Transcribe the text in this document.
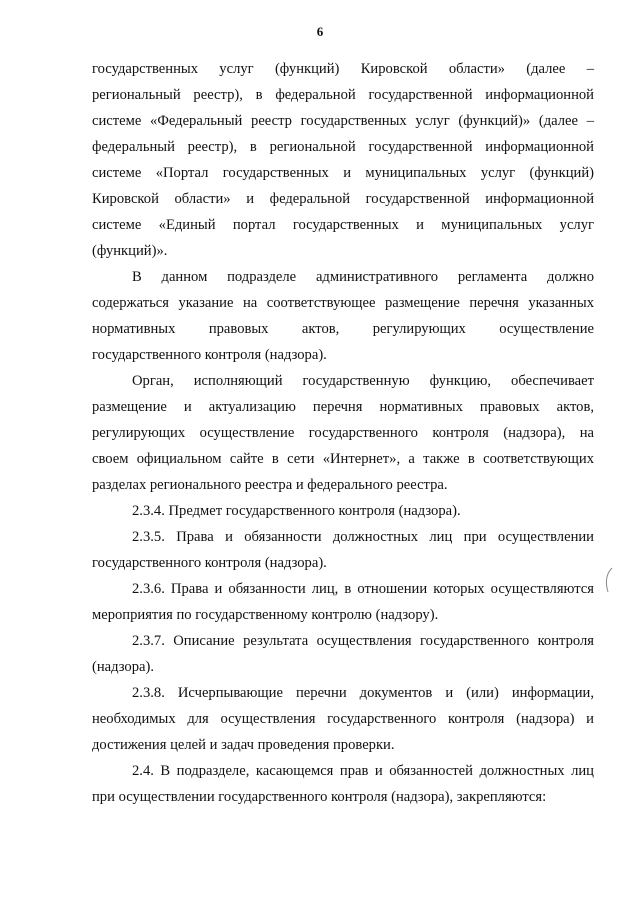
6
государственных услуг (функций) Кировской области» (далее –
региональный реестр), в федеральной государственной информационной
системе «Федеральный реестр государственных услуг (функций)» (далее –
федеральный реестр), в региональной государственной информационной
системе «Портал государственных и муниципальных услуг (функций)
Кировской области» и федеральной государственной информационной
системе «Единый портал государственных и муниципальных услуг
(функций)».
В данном подразделе административного регламента должно
содержаться указание на соответствующее размещение перечня указанных
нормативных правовых актов, регулирующих осуществление
государственного контроля (надзора).
Орган, исполняющий государственную функцию, обеспечивает
размещение и актуализацию перечня нормативных правовых актов,
регулирующих осуществление государственного контроля (надзора), на
своем официальном сайте в сети «Интернет», а также в соответствующих
разделах регионального реестра и федерального реестра.
2.3.4. Предмет государственного контроля (надзора).
2.3.5. Права и обязанности должностных лиц при осуществлении
государственного контроля (надзора).
2.3.6. Права и обязанности лиц, в отношении которых осуществляются
мероприятия по государственному контролю (надзору).
2.3.7. Описание результата осуществления государственного контроля
(надзора).
2.3.8. Исчерпывающие перечни документов и (или) информации,
необходимых для осуществления государственного контроля (надзора) и
достижения целей и задач проведения проверки.
2.4. В подразделе, касающемся прав и обязанностей должностных лиц
при осуществлении государственного контроля (надзора), закрепляются:
